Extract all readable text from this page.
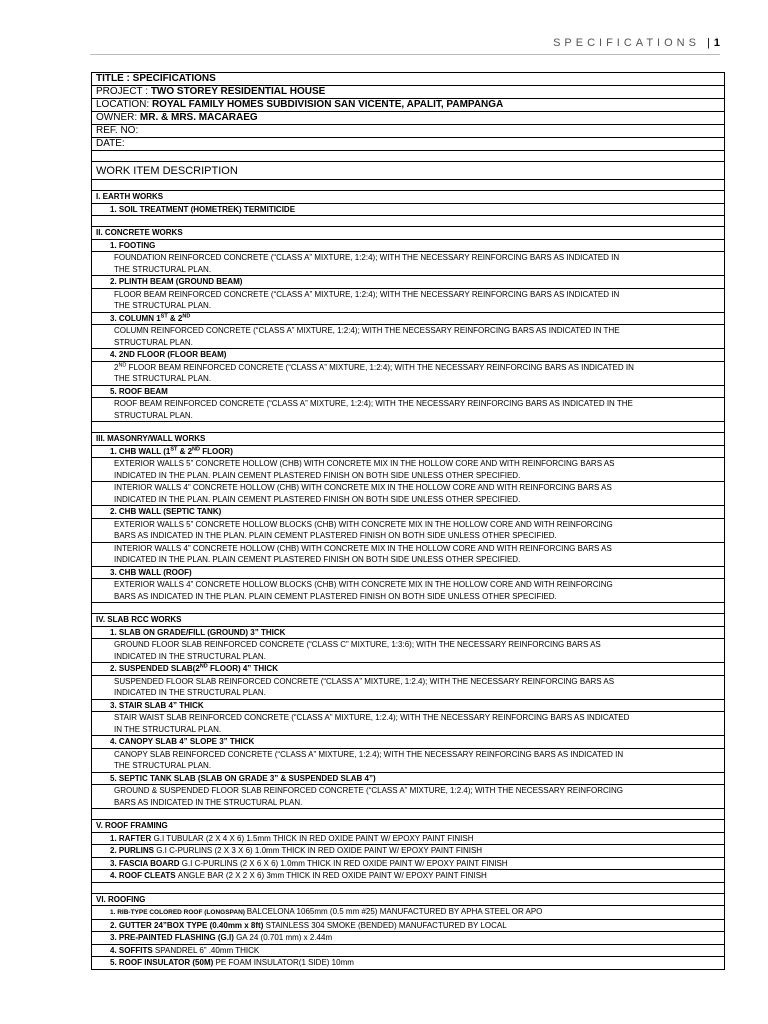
SPECIFICATIONS | 1
TITLE : SPECIFICATIONS
PROJECT : TWO STOREY RESIDENTIAL HOUSE
LOCATION: ROYAL FAMILY HOMES SUBDIVISION SAN VICENTE, APALIT, PAMPANGA
OWNER: MR. & MRS. MACARAEG
REF. NO:
DATE:

WORK ITEM DESCRIPTION

I. EARTH WORKS

1. SOIL TREATMENT (HOMETREK) TERMITICIDE

II. CONCRETE WORKS

1. FOOTING

FOUNDATION REINFORCED CONCRETE (“CLASS A” MIXTURE, 1:2:4); WITH THE NECESSARY REINFORCING BARS AS INDICATED IN
THE STRUCTURAL PLAN.

2. PLINTH BEAM (GROUND BEAM)

FLOOR BEAM REINFORCED CONCRETE (“CLASS A” MIXTURE, 1:2:4); WITH THE NECESSARY REINFORCING BARS AS INDICATED IN
THE STRUCTURAL PLAN.

3. COLUMN 1ST & 2ND

COLUMN REINFORCED CONCRETE (“CLASS A” MIXTURE, 1:2:4); WITH THE NECESSARY REINFORCING BARS AS INDICATED IN THE
STRUCTURAL PLAN.

4. 2ND FLOOR (FLOOR BEAM)

2ND FLOOR BEAM REINFORCED CONCRETE (“CLASS A” MIXTURE, 1:2:4); WITH THE NECESSARY REINFORCING BARS AS INDICATED IN
THE STRUCTURAL PLAN.

5. ROOF BEAM

ROOF BEAM REINFORCED CONCRETE (“CLASS A” MIXTURE, 1:2:4); WITH THE NECESSARY REINFORCING BARS AS INDICATED IN THE
STRUCTURAL PLAN.

III. MASONRY/WALL WORKS

1. CHB WALL (1ST & 2ND FLOOR)

EXTERIOR WALLS 5” CONCRETE HOLLOW (CHB) WITH CONCRETE MIX IN THE HOLLOW CORE AND WITH REINFORCING BARS AS
INDICATED IN THE PLAN. PLAIN CEMENT PLASTERED FINISH ON BOTH SIDE UNLESS OTHER SPECIFIED.

INTERIOR WALLS 4” CONCRETE HOLLOW (CHB) WITH CONCRETE MIX IN THE HOLLOW CORE AND WITH REINFORCING BARS AS
INDICATED IN THE PLAN. PLAIN CEMENT PLASTERED FINISH ON BOTH SIDE UNLESS OTHER SPECIFIED.

2. CHB WALL (SEPTIC TANK)

EXTERIOR WALLS 5” CONCRETE HOLLOW BLOCKS (CHB) WITH CONCRETE MIX IN THE HOLLOW CORE AND WITH REINFORCING
BARS AS INDICATED IN THE PLAN. PLAIN CEMENT PLASTERED FINISH ON BOTH SIDE UNLESS OTHER SPECIFIED.

INTERIOR WALLS 4” CONCRETE HOLLOW (CHB) WITH CONCRETE MIX IN THE HOLLOW CORE AND WITH REINFORCING BARS AS
INDICATED IN THE PLAN. PLAIN CEMENT PLASTERED FINISH ON BOTH SIDE UNLESS OTHER SPECIFIED.

3. CHB WALL (ROOF)

EXTERIOR WALLS 4” CONCRETE HOLLOW BLOCKS (CHB) WITH CONCRETE MIX IN THE HOLLOW CORE AND WITH REINFORCING
BARS AS INDICATED IN THE PLAN. PLAIN CEMENT PLASTERED FINISH ON BOTH SIDE UNLESS OTHER SPECIFIED.

IV. SLAB RCC WORKS

1. SLAB ON GRADE/FILL (GROUND) 3” THICK

GROUND FLOOR SLAB REINFORCED CONCRETE (“CLASS C” MIXTURE, 1:3:6); WITH THE NECESSARY REINFORCING BARS AS
INDICATED IN THE STRUCTURAL PLAN.

2. SUSPENDED SLAB(2ND FLOOR) 4” THICK

SUSPENDED FLOOR SLAB REINFORCED CONCRETE (“CLASS A” MIXTURE, 1:2.4); WITH THE NECESSARY REINFORCING BARS AS
INDICATED IN THE STRUCTURAL PLAN.

3. STAIR SLAB 4” THICK

STAIR WAIST SLAB REINFORCED CONCRETE (“CLASS A” MIXTURE, 1:2.4); WITH THE NECESSARY REINFORCING BARS AS INDICATED
IN THE STRUCTURAL PLAN.

4. CANOPY SLAB 4” SLOPE 3” THICK

CANOPY SLAB REINFORCED CONCRETE (“CLASS A” MIXTURE, 1:2.4); WITH THE NECESSARY REINFORCING BARS AS INDICATED IN
THE STRUCTURAL PLAN.

5. SEPTIC TANK SLAB (SLAB ON GRADE 3” & SUSPENDED SLAB 4”)

GROUND & SUSPENDED FLOOR SLAB REINFORCED CONCRETE (“CLASS A” MIXTURE, 1:2.4); WITH THE NECESSARY REINFORCING
BARS AS INDICATED IN THE STRUCTURAL PLAN.

V. ROOF FRAMING
1. RAFTER G.I TUBULAR (2 X 4 X 6) 1.5mm THICK IN RED OXIDE PAINT W/ EPOXY PAINT FINISH
2. PURLINS G.I C-PURLINS (2 X 3 X 6) 1.0mm THICK IN RED OXIDE PAINT W/ EPOXY PAINT FINISH
3. FASCIA BOARD G.I C-PURLINS (2 X 6 X 6) 1.0mm THICK IN RED OXIDE PAINT W/ EPOXY PAINT FINISH
4. ROOF CLEATS ANGLE BAR (2 X 2 X 6) 3mm THICK IN RED OXIDE PAINT W/ EPOXY PAINT FINISH

VI. ROOFING
1. RIB-TYPE COLORED ROOF (LONGSPAN) BALCELONA 1065mm (0.5 mm #25) MANUFACTURED BY APHA STEEL OR APO
2. GUTTER 24”BOX TYPE (0.40mm x 8ft) STAINLESS 304 SMOKE (BENDED) MANUFACTURED BY LOCAL
3. PRE-PAINTED FLASHING (G.I) GA 24 (0.701 mm) x 2.44m
4. SOFFITS SPANDREL 6” .40mm THICK
5. ROOF INSULATOR (50M) PE FOAM INSULATOR(1 SIDE) 10mm
